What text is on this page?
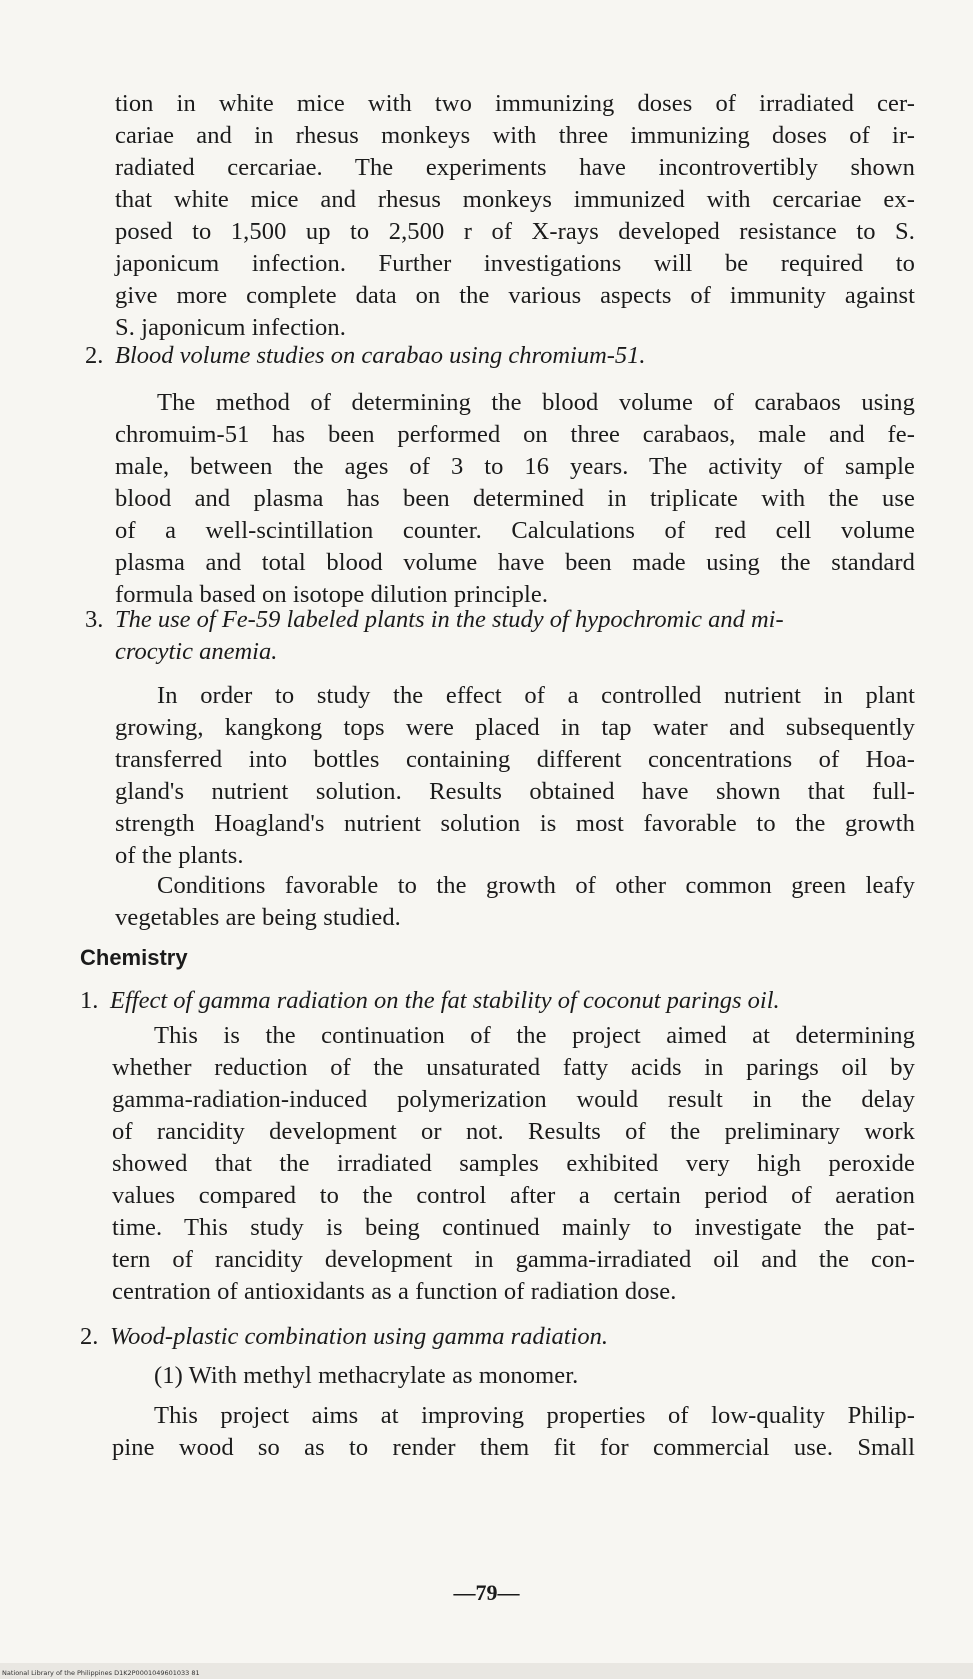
tion in white mice with two immunizing doses of irradiated cer-
cariae and in rhesus monkeys with three immunizing doses of ir-
radiated cercariae. The experiments have incontrovertibly shown
that white mice and rhesus monkeys immunized with cercariae ex-
posed to 1,500 up to 2,500 r of X-rays developed resistance to S.
japonicum infection. Further investigations will be required to
give more complete data on the various aspects of immunity against
S. japonicum infection.
2. Blood volume studies on carabao using chromium-51.
The method of determining the blood volume of carabaos using
chromuim-51 has been performed on three carabaos, male and fe-
male, between the ages of 3 to 16 years. The activity of sample
blood and plasma has been determined in triplicate with the use
of a well-scintillation counter. Calculations of red cell volume
plasma and total blood volume have been made using the standard
formula based on isotope dilution principle.
3. The use of Fe-59 labeled plants in the study of hypochromic and mi-
crocytic anemia.
In order to study the effect of a controlled nutrient in plant
growing, kangkong tops were placed in tap water and subsequently
transferred into bottles containing different concentrations of Hoa-
gland's nutrient solution. Results obtained have shown that full-
strength Hoagland's nutrient solution is most favorable to the growth
of the plants.
Conditions favorable to the growth of other common green leafy
vegetables are being studied.
Chemistry
1. Effect of gamma radiation on the fat stability of coconut parings oil.
This is the continuation of the project aimed at determining
whether reduction of the unsaturated fatty acids in parings oil by
gamma-radiation-induced polymerization would result in the delay
of rancidity development or not. Results of the preliminary work
showed that the irradiated samples exhibited very high peroxide
values compared to the control after a certain period of aeration
time. This study is being continued mainly to investigate the pat-
tern of rancidity development in gamma-irradiated oil and the con-
centration of antioxidants as a function of radiation dose.
2. Wood-plastic combination using gamma radiation.
(1) With methyl methacrylate as monomer.
This project aims at improving properties of low-quality Philip-
pine wood so as to render them fit for commercial use. Small
—79—
National Library of the Philippines D1K2P0001049601033 81
